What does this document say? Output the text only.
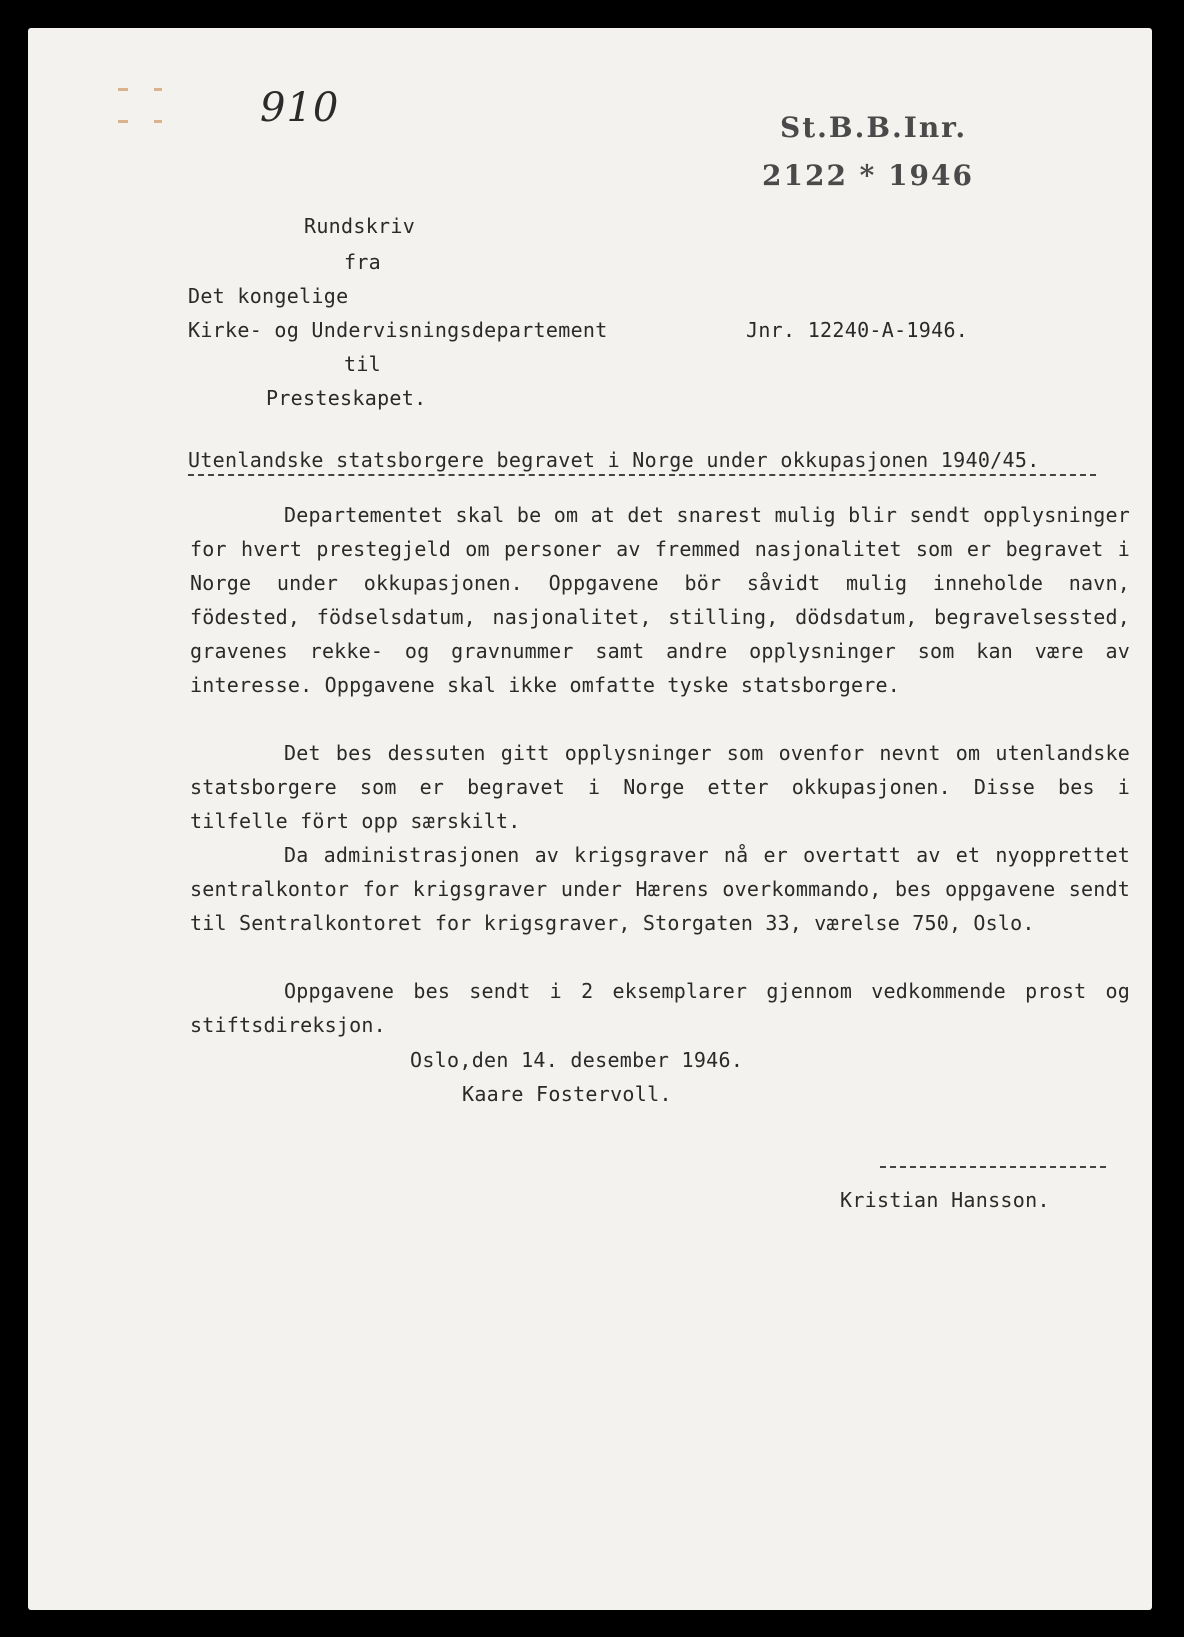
910	St.B.B.Inr.
2122 * 1946
Rundskriv
fra
Det kongelige
Kirke- og Undervisningsdepartement	Jnr. 12240-A-1946.
til
Presteskapet.
Utenlandske statsborgere begravet i Norge under okkupasjonen 1940/45.
Departementet skal be om at det snarest mulig blir sendt opplysninger for hvert prestegjeld om personer av fremmed nasjonalitet som er begravet i Norge under okkupasjonen. Oppgavene bör såvidt mulig inneholde navn, födested, födselsdatum, nasjonalitet, stilling, dödsdatum, begravelsessted, gravenes rekke- og gravnummer samt andre opplysninger som kan være av interesse. Oppgavene skal ikke omfatte tyske statsborgere.
Det bes dessuten gitt opplysninger som ovenfor nevnt om utenlandske statsborgere som er begravet i Norge etter okkupasjonen. Disse bes i tilfelle fört opp særskilt.
Da administrasjonen av krigsgraver nå er overtatt av et nyopprettet sentralkontor for krigsgraver under Hærens overkommando, bes oppgavene sendt til Sentralkontoret for krigsgraver, Storgaten 33, værelse 750, Oslo.
Oppgavene bes sendt i 2 eksemplarer gjennom vedkommende prost og stiftsdireksjon.
Oslo,den 14. desember 1946.
Kaare Fostervoll.
Kristian Hansson.
